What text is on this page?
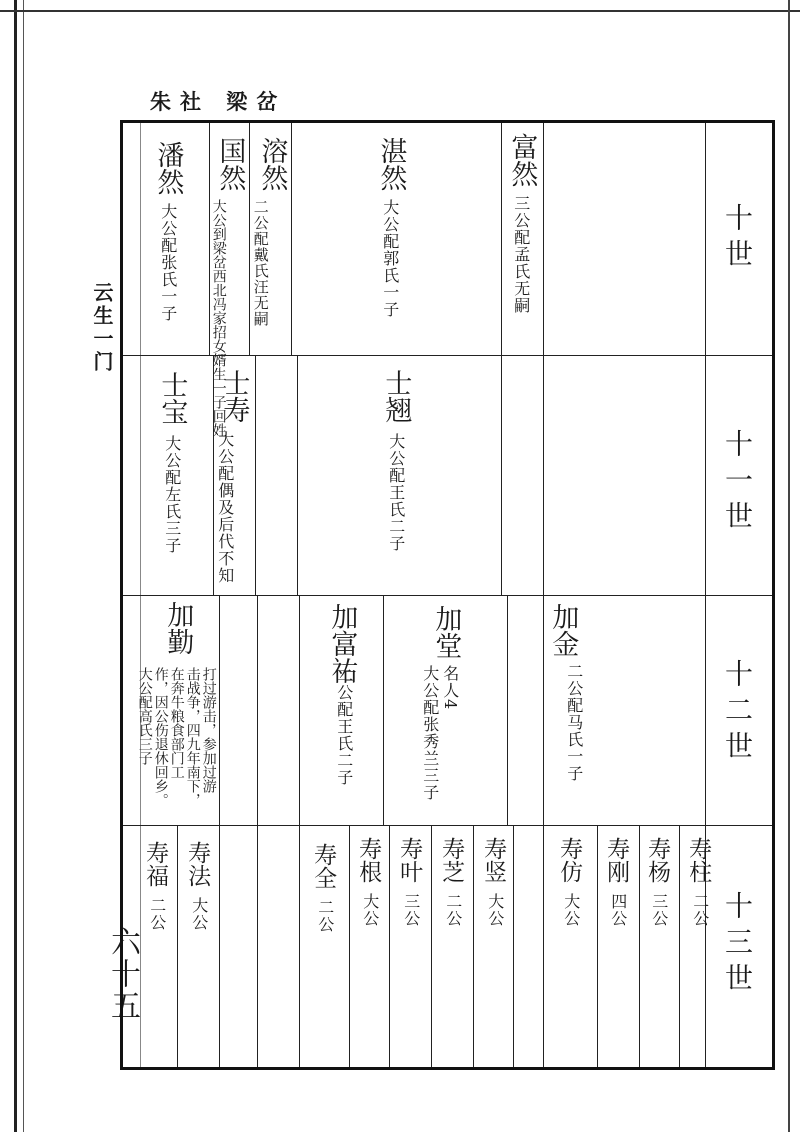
朱社 梁岔
云生一门
六十五
十世
十一世
十二世
十三世
富然
三公配孟氏无嗣
湛然
大公配郭氏一子
溶然
二公配戴氏汪无嗣
国然
大公到梁岔西北冯家招女婿生一子回姓
潘然
大公配张氏一子
士翘
大公配王氏二子
士寿
大公配偶及后代不知
士宝
大公配左氏三子
加金
二公配马氏一子
加堂
名人4
大公配张秀兰三子
加富祐
二公配王氏二子
加勤
打过游击，参加过游
击战争，四九年南下，
在奔牛粮食部门工
作，因公伤退休回乡。
大公配高氏三子
寿柱
二公
寿杨
三公
寿刚
四公
寿仿
大公
寿竖
大公
寿芝
二公
寿叶
三公
寿根
大公
寿全
二公
寿法
大公
寿福
二公
